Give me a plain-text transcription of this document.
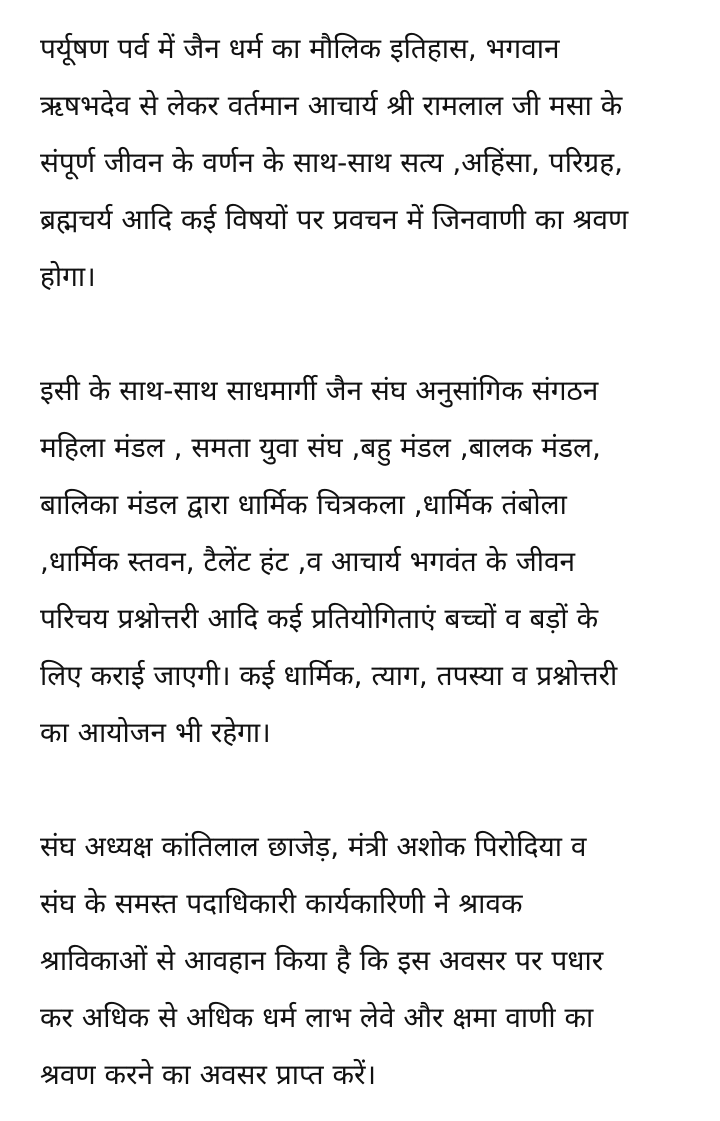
पर्यूषण पर्व में जैन धर्म का मौलिक इतिहास, भगवान
ऋषभदेव से लेकर वर्तमान आचार्य श्री रामलाल जी मसा के
संपूर्ण जीवन के वर्णन के साथ-साथ सत्य ,अहिंसा, परिग्रह,
ब्रह्मचर्य आदि कई विषयों पर प्रवचन में जिनवाणी का श्रवण
होगा।

इसी के साथ-साथ साधमार्गी जैन संघ अनुसांगिक संगठन
महिला मंडल , समता युवा संघ ,बहु मंडल ,बालक मंडल,
बालिका मंडल द्वारा धार्मिक चित्रकला ,धार्मिक तंबोला
,धार्मिक स्तवन, टैलेंट हंट ,व आचार्य भगवंत के जीवन
परिचय प्रश्नोत्तरी आदि कई प्रतियोगिताएं बच्चों व बड़ों के
लिए कराई जाएगी। कई धार्मिक, त्याग, तपस्या व प्रश्नोत्तरी
का आयोजन भी रहेगा।

संघ अध्यक्ष कांतिलाल छाजेड़, मंत्री अशोक पिरोदिया व
संघ के समस्त पदाधिकारी कार्यकारिणी ने श्रावक
श्राविकाओं से आवहान किया है कि इस अवसर पर पधार
कर अधिक से अधिक धर्म लाभ लेवे और क्षमा वाणी का
श्रवण करने का अवसर प्राप्त करें।
